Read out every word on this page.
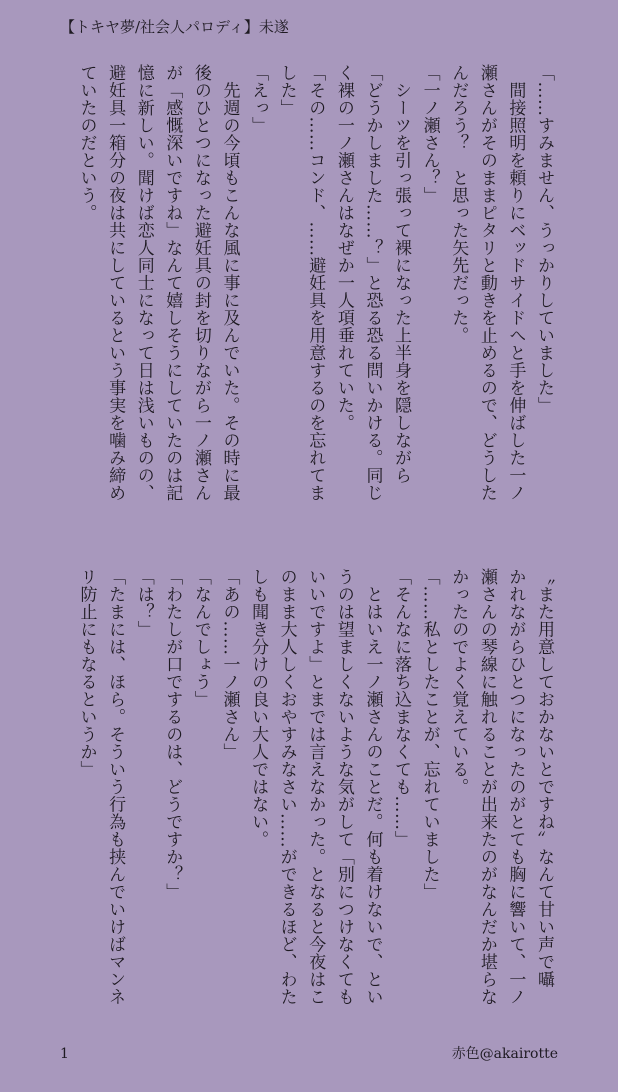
【トキヤ夢/社会人パロディ】未遂
「……すみません、うっかりしていました」
　間接照明を頼りにベッドサイドへと手を伸ばした一ノ
瀬さんがそのままピタリと動きを止めるので、どうした
んだろう？　と思った矢先だった。
「一ノ瀬さん？」
　シーツを引っ張って裸になった上半身を隠しながら
「どうかしました……？」と恐る恐る問いかける。同じ
く裸の一ノ瀬さんはなぜか一人項垂れていた。
「その……コンド、……避妊具を用意するのを忘れてま
した」
「えっ」
　先週の今頃もこんな風に事に及んでいた。その時に最
後のひとつになった避妊具の封を切りながら一ノ瀬さん
が「感慨深いですね」なんて嬉しそうにしていたのは記
憶に新しい。聞けば恋人同士になって日は浅いものの、
避妊具一箱分の夜は共にしているという事実を噛み締め
ていたのだという。
〝また用意しておかないとですね〟なんて甘い声で囁
かれながらひとつになったのがとても胸に響いて、一ノ
瀬さんの琴線に触れることが出来たのがなんだか堪らな
かったのでよく覚えている。
「……私としたことが、忘れていました」
「そんなに落ち込まなくても……」
　とはいえ一ノ瀬さんのことだ。何も着けないで、とい
うのは望ましくないような気がして「別につけなくても
いいですよ」とまでは言えなかった。となると今夜はこ
のまま大人しくおやすみなさい……ができるほど、わた
しも聞き分けの良い大人ではない。
「あの……一ノ瀬さん」
「なんでしょう」
「わたしが口でするのは、どうですか？」
「は？」
「たまには、ほら。そういう行為も挟んでいけばマンネ
リ防止にもなるというか」
1	赤色@akairotte
